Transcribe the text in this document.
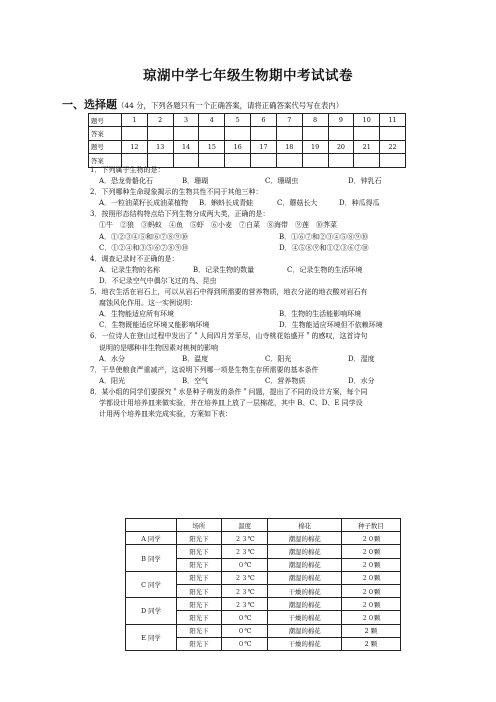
琼湖中学七年级生物期中考试试卷
一、选择题（44 分，下列各题只有一个正确答案，请将正确答案代号写在表内）
题号	1	2	3	4	5	6	7	8	9	10	11
答案											
题号	12	13	14	15	16	17	18	19	20	21	22
答案											
1．下列属于生物的是：
A．恐龙骨骼化石	B．珊瑚	C．珊瑚虫	D．钟乳石
2．下列哪种生命现象揭示的生物共性不同于其他三种：
A．一粒油菜籽长成油菜植物 B．蝌蚪长成青蛙	C．蘑菇长大	D．种瓜得瓜
3．按照形态结构特点给下列生物分成两大类，正确的是：
①牛　②狼　③蚂蚁　④鱼　⑤虾　⑥小麦　⑦白菜　⑧海带　⑨莲　⑩荠菜
A．①②③④⑤和⑥⑦⑧⑨⑩	B．①⑥⑦和②③④⑤⑧⑨⑩
C．①②④和③⑤⑥⑦⑧⑨⑩	D．④⑤⑧⑨和①②③⑥⑦⑩
4．调查记录时不正确的是：
A．记录生物的名称	B．记录生物的数量	C．记录生物的生活环境
D．不记录空气中偶尔飞过的鸟、昆虫
5．地衣生活在岩石上，可以从岩石中得到所需要的营养物质，地衣分泌的地衣酸对岩石有
腐蚀风化作用。这一实例说明：
A．生物能适应所有环境	B．生物的生活能影响环境
C．生物既能适应环境又能影响环境	D．生物能适应环境但不依赖环境
6．一位诗人在登山过程中发出了＂人间四月芳菲尽，山寺桃花始盛开＂的感叹，这首诗句
说明的是哪种非生物因素对桃树的影响
A．水分	B．温度	C．阳光	D．湿度
7．干旱使粮食严重减产，这说明下列哪一项是生物生存所需要的基本条件
A．阳光	B．空气	C．营养物质	D．水分
8．某小组的同学们要探究＂水是种子萌发的条件＂问题，提出了不同的设计方案，每个同
学都设计用培养皿来做实验，并在培养皿上放了一层棉花，其中 B、C、D、E 同学设
计用两个培养皿来完成实验，方案如下表：
	场所	温度	棉花	种子数目
A 同学	阳光下	２３℃	潮湿的棉花	２０颗
B 同学	阳光下	２３℃	潮湿的棉花	２０颗
	阳光下	０℃	潮湿的棉花	２０颗
C 同学	阳光下	２３℃	潮湿的棉花	２０颗
	阳光下	２３℃	干燥的棉花	２０颗
D 同学	阳光下	２３℃	潮湿的棉花	２０颗
	阳光下	０℃	干燥的棉花	２０颗
E 同学	阳光下	０℃	潮湿的棉花	2 颗
	阳光下	０℃	干燥的棉花	2 颗
